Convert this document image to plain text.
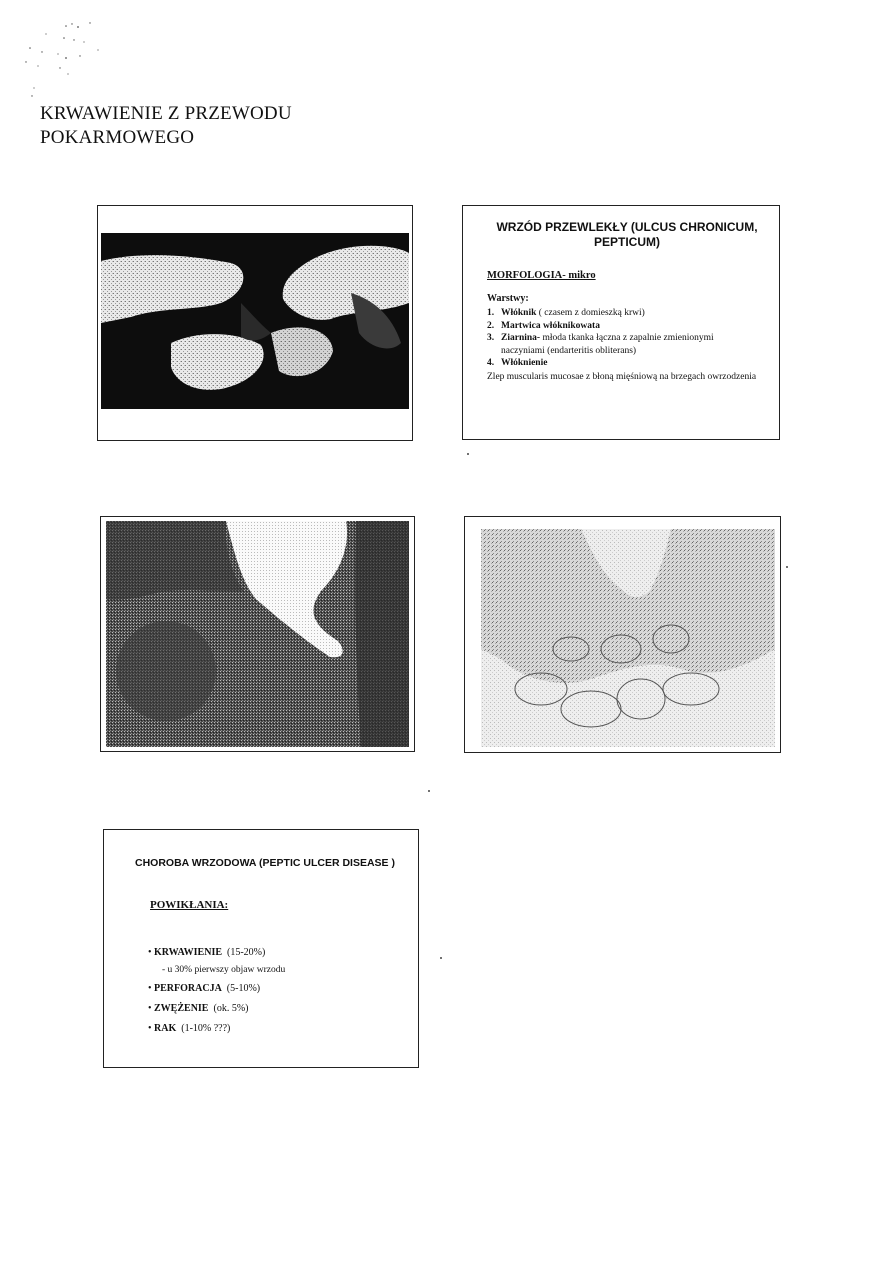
KRWAWIENIE Z PRZEWODU
POKARMOWEGO
WRZÓD PRZEWLEKŁY (ULCUS CHRONICUM, PEPTICUM)
MORFOLOGIA- mikro
Warstwy:
1. Włóknik ( czasem z domieszką krwi)
2. Martwica włóknikowata
3. Ziarnina- młoda tkanka łączna z zapalnie zmienionymi naczyniami (endarteritis obliterans)
4. Włóknienie
Zlep muscularis mucosae z błoną mięśniową na brzegach owrzodzenia
CHOROBA WRZODOWA (PEPTIC ULCER DISEASE )
POWIKŁANIA:
• KRWAWIENIE (15-20%)
- u 30% pierwszy objaw wrzodu
• PERFORACJA (5-10%)
• ZWĘŻENIE (ok. 5%)
• RAK (1-10% ???)
